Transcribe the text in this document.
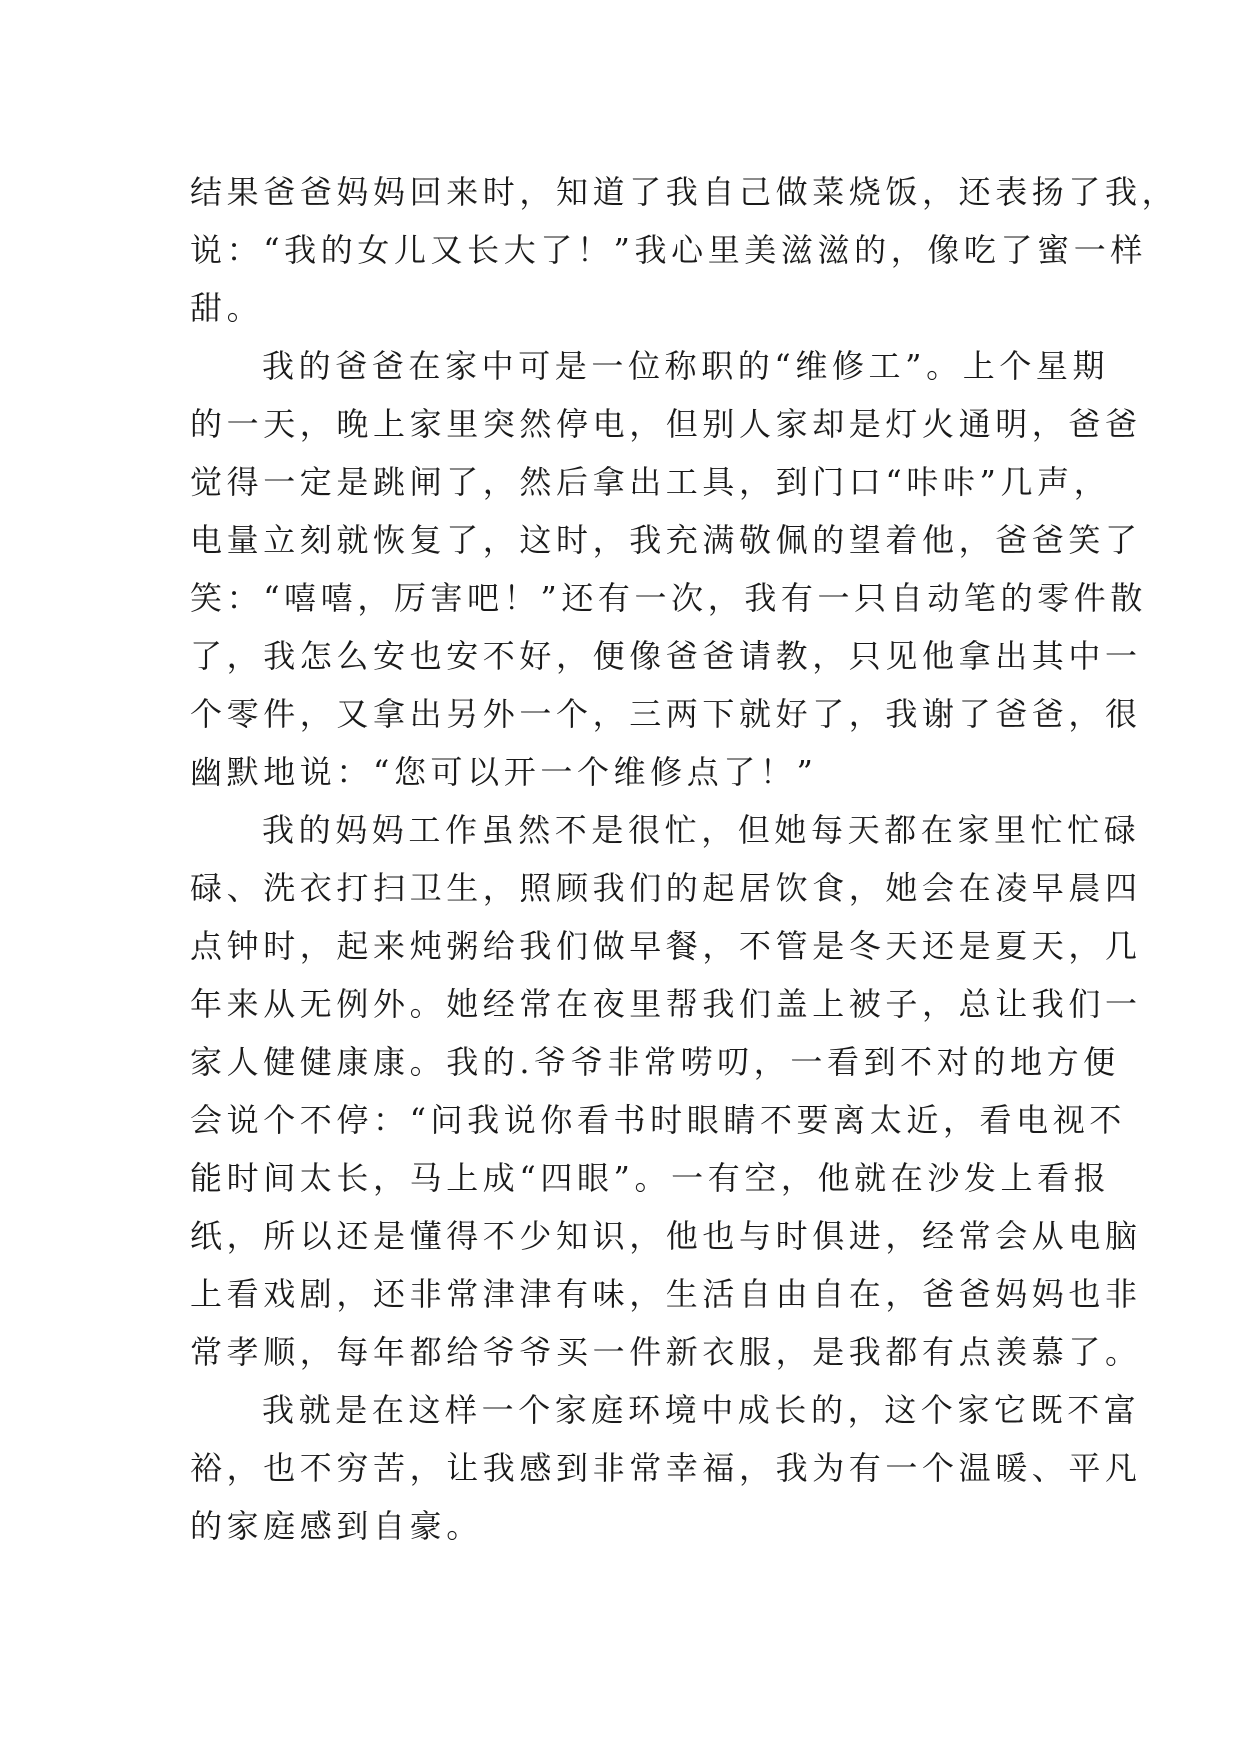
结果爸爸妈妈回来时，知道了我自己做菜烧饭，还表扬了我，
说：“我的女儿又长大了！”我心里美滋滋的，像吃了蜜一样
甜。
我的爸爸在家中可是一位称职的“维修工”。上个星期
的一天，晚上家里突然停电，但别人家却是灯火通明，爸爸
觉得一定是跳闸了，然后拿出工具，到门口“咔咔”几声，
电量立刻就恢复了，这时，我充满敬佩的望着他，爸爸笑了
笑：“嘻嘻，厉害吧！”还有一次，我有一只自动笔的零件散
了，我怎么安也安不好，便像爸爸请教，只见他拿出其中一
个零件，又拿出另外一个，三两下就好了，我谢了爸爸，很
幽默地说：“您可以开一个维修点了！”
我的妈妈工作虽然不是很忙，但她每天都在家里忙忙碌
碌、洗衣打扫卫生，照顾我们的起居饮食，她会在凌早晨四
点钟时，起来炖粥给我们做早餐，不管是冬天还是夏天，几
年来从无例外。她经常在夜里帮我们盖上被子，总让我们一
家人健健康康。我的.爷爷非常唠叨，一看到不对的地方便
会说个不停：“问我说你看书时眼睛不要离太近，看电视不
能时间太长，马上成“四眼”。一有空，他就在沙发上看报
纸，所以还是懂得不少知识，他也与时俱进，经常会从电脑
上看戏剧，还非常津津有味，生活自由自在，爸爸妈妈也非
常孝顺，每年都给爷爷买一件新衣服，是我都有点羡慕了。
我就是在这样一个家庭环境中成长的，这个家它既不富
裕，也不穷苦，让我感到非常幸福，我为有一个温暖、平凡
的家庭感到自豪。
